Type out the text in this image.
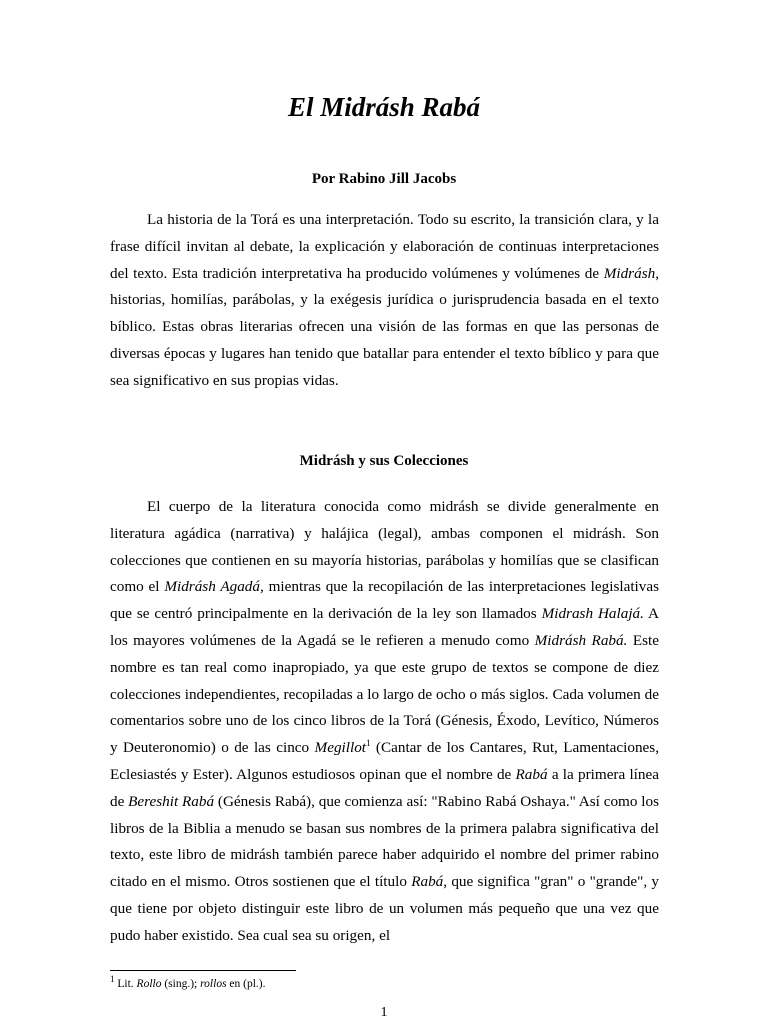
El Midrásh Rabá
Por Rabino Jill Jacobs

La historia de la Torá es una interpretación. Todo su escrito, la transición clara, y la frase difícil invitan al debate, la explicación y elaboración de continuas interpretaciones del texto. Esta tradición interpretativa ha producido volúmenes y volúmenes de Midrásh, historias, homilías, parábolas, y la exégesis jurídica o jurisprudencia basada en el texto bíblico. Estas obras literarias ofrecen una visión de las formas en que las personas de diversas épocas y lugares han tenido que batallar para entender el texto bíblico y para que sea significativo en sus propias vidas.

Midrásh y sus Colecciones

El cuerpo de la literatura conocida como midrásh se divide generalmente en literatura agádica (narrativa) y halájica (legal), ambas componen el midrásh. Son colecciones que contienen en su mayoría historias, parábolas y homilías que se clasifican como el Midrásh Agadá, mientras que la recopilación de las interpretaciones legislativas que se centró principalmente en la derivación de la ley son llamados Midrash Halajá. A los mayores volúmenes de la Agadá se le refieren a menudo como Midrásh Rabá. Este nombre es tan real como inapropiado, ya que este grupo de textos se compone de diez colecciones independientes, recopiladas a lo largo de ocho o más siglos. Cada volumen de comentarios sobre uno de los cinco libros de la Torá (Génesis, Éxodo, Levítico, Números y Deuteronomio) o de las cinco Megillot$^1$ (Cantar de los Cantares, Rut, Lamentaciones, Eclesiastés y Ester). Algunos estudiosos opinan que el nombre de Rabá a la primera línea de Bereshit Rabá (Génesis Rabá), que comienza así: "Rabino Rabá Oshaya." Así como los libros de la Biblia a menudo se basan sus nombres de la primera palabra significativa del texto, este libro de midrásh también parece haber adquirido el nombre del primer rabino citado en el mismo. Otros sostienen que el título Rabá, que significa "gran" o "grande", y que tiene por objeto distinguir este libro de un volumen más pequeño que una vez que pudo haber existido. Sea cual sea su origen, el

$^1$ Lit. Rollo (sing.); rollos en (pl.).
1
